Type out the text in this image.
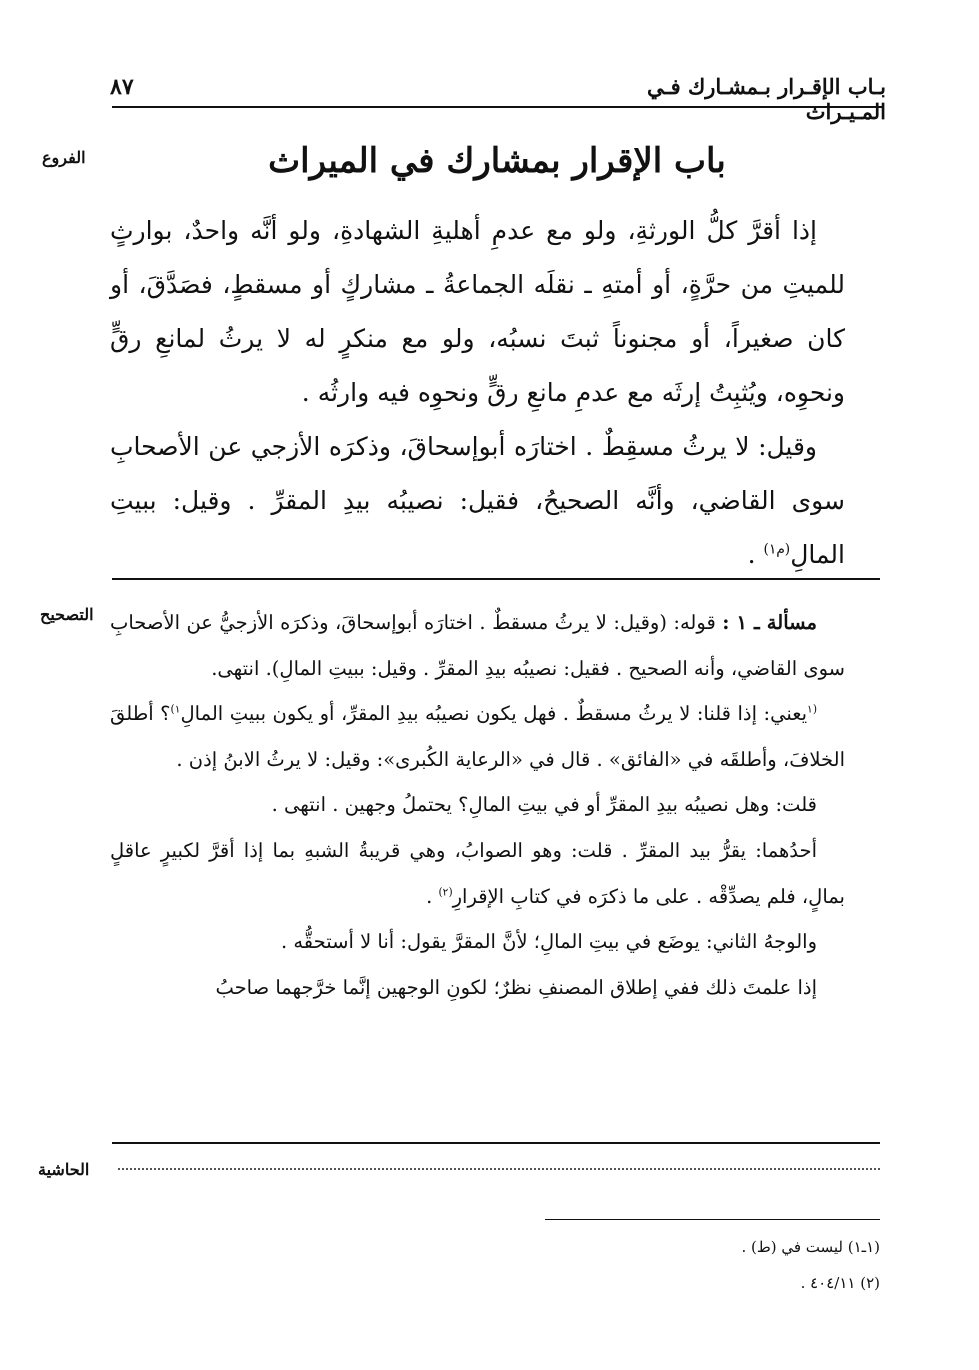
بـاب الإقـرار بـمشـارك فـي المـيـراث
٨٧
الفروع	باب الإقرار بمشارك في الميراث

إذا أقرَّ كلُّ الورثةِ، ولو مع عدمِ أهليةِ الشهادةِ، ولو أنَّه واحدٌ، بوارثٍ للميتِ من حرَّةٍ، أو أمتهِ ـ نقلَه الجماعةُ ـ مشاركٍ أو مسقطٍ، فصَدَّقَ، أو كان صغيراً، أو مجنوناً ثبتَ نسبُه، ولو مع منكرٍ له لا يرثُ لمانعِ رقٍّ ونحوِه، ويُثبِتُ إرثَه مع عدمِ مانعِ رقٍّ ونحوِه فيه وارثُه .

وقيل: لا يرثُ مسقِطٌ . اختارَه أبوإسحاقَ، وذكرَه الأزجي عن الأصحابِ سوى القاضي، وأنَّه الصحيحُ، فقيل: نصيبُه بيدِ المقرِّ . وقيل: ببيتِ المالِ$^{(م١)}$ .

التصحيح	مسألة ـ ١ : قوله: (وقيل: لا يرثُ مسقطٌ . اختارَه أبوإسحاقَ، وذكرَه الأزجيُّ عن الأصحابِ سوى القاضي، وأنه الصحيح . فقيل: نصيبُه بيدِ المقرِّ . وقيل: ببيتِ المالِ). انتهى.

$^{(١}$يعني: إذا قلنا: لا يرثُ مسقطٌ . فهل يكون نصيبُه بيدِ المقرِّ، أو يكون ببيتِ المالِ$^{١)}$؟ أطلقَ الخلافَ، وأطلقَه في «الفائق» . قال في «الرعاية الكُبرى»: وقيل: لا يرثُ الابنُ إذن .

قلت: وهل نصيبُه بيدِ المقرِّ أو في بيتِ المالِ؟ يحتملُ وجهين . انتهى .

أحدُهما: يقرُّ بيد المقرِّ . قلت: وهو الصوابُ، وهي قريبةُ الشبهِ بما إذا أقرَّ لكبيرٍ عاقلٍ بمالٍ، فلم يصدِّقْه . على ما ذكرَه في كتابِ الإقرارِ$^{(٢)}$ .

والوجهُ الثاني: يوضَع في بيتِ المالِ؛ لأنَّ المقرَّ يقول: أنا لا أستحقُّه .

إذا علمتَ ذلك ففي إطلاق المصنفِ نظرٌ؛ لكونِ الوجهين إنَّما خرَّجهما صاحبُ

الحاشية
(١ـ١) ليست في (ط) .
(٢) ٤٠٤/١١ .
